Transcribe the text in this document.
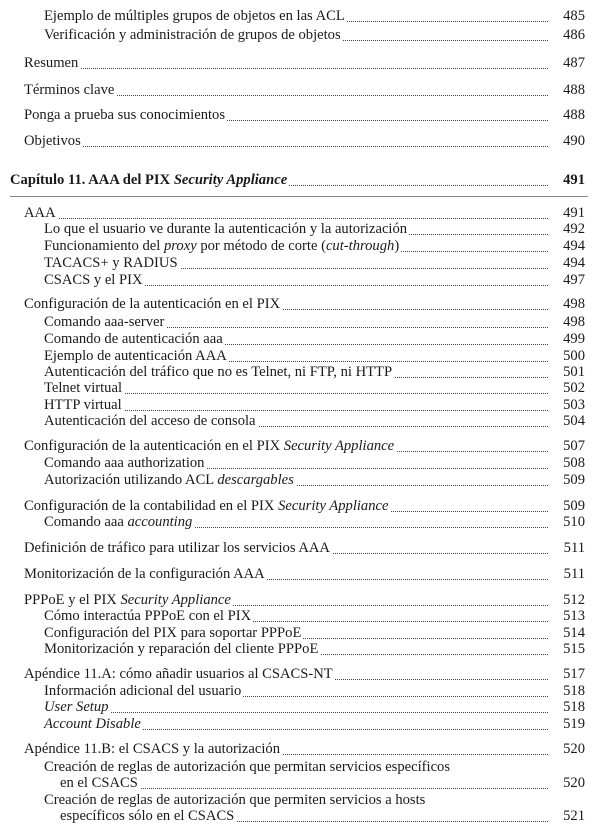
Ejemplo de múltiples grupos de objetos en las ACL	485
Verificación y administración de grupos de objetos	486
Resumen	487
Términos clave	488
Ponga a prueba sus conocimientos	488
Objetivos	490
Capítulo 11. AAA del PIX Security Appliance	491
AAA	491
Lo que el usuario ve durante la autenticación y la autorización	492
Funcionamiento del proxy por método de corte (cut-through)	494
TACACS+ y RADIUS	494
CSACS y el PIX	497
Configuración de la autenticación en el PIX	498
Comando aaa-server	498
Comando de autenticación aaa	499
Ejemplo de autenticación AAA	500
Autenticación del tráfico que no es Telnet, ni FTP, ni HTTP	501
Telnet virtual	502
HTTP virtual	503
Autenticación del acceso de consola	504
Configuración de la autenticación en el PIX Security Appliance	507
Comando aaa authorization	508
Autorización utilizando ACL descargables	509
Configuración de la contabilidad en el PIX Security Appliance	509
Comando aaa accounting	510
Definición de tráfico para utilizar los servicios AAA	511
Monitorización de la configuración AAA	511
PPPoE y el PIX Security Appliance	512
Cómo interactúa PPPoE con el PIX	513
Configuración del PIX para soportar PPPoE	514
Monitorización y reparación del cliente PPPoE	515
Apéndice 11.A: cómo añadir usuarios al CSACS-NT	517
Información adicional del usuario	518
User Setup	518
Account Disable	519
Apéndice 11.B: el CSACS y la autorización	520
Creación de reglas de autorización que permitan servicios específicos
en el CSACS	520
Creación de reglas de autorización que permiten servicios a hosts
específicos sólo en el CSACS	521
